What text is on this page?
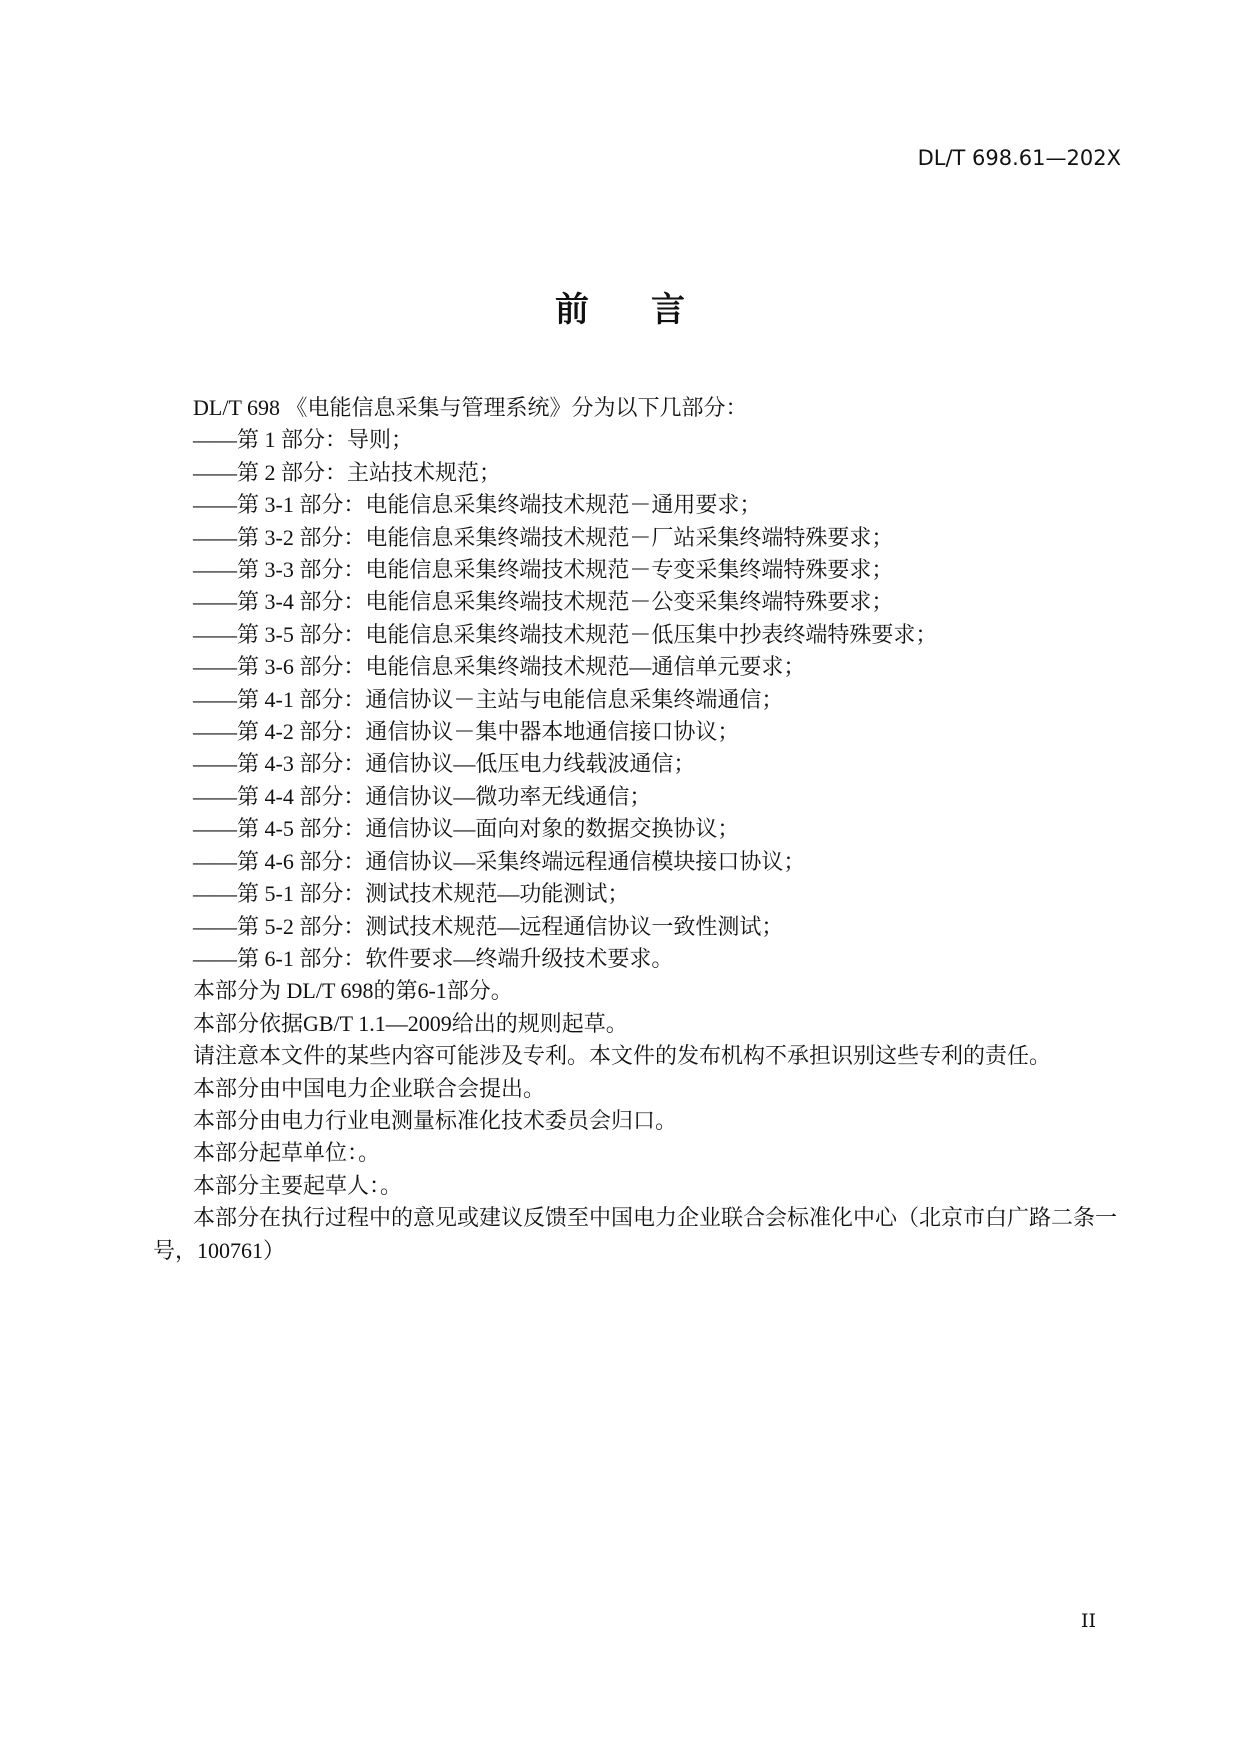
DL/T 698.61—202X
前言
DL/T 698 《电能信息采集与管理系统》分为以下几部分：
——第 1 部分：导则；
——第 2 部分：主站技术规范；
——第 3-1 部分：电能信息采集终端技术规范－通用要求；
——第 3-2 部分：电能信息采集终端技术规范－厂站采集终端特殊要求；
——第 3-3 部分：电能信息采集终端技术规范－专变采集终端特殊要求；
——第 3-4 部分：电能信息采集终端技术规范－公变采集终端特殊要求；
——第 3-5 部分：电能信息采集终端技术规范－低压集中抄表终端特殊要求；
——第 3-6 部分：电能信息采集终端技术规范—通信单元要求；
——第 4-1 部分：通信协议－主站与电能信息采集终端通信；
——第 4-2 部分：通信协议－集中器本地通信接口协议；
——第 4-3 部分：通信协议—低压电力线载波通信；
——第 4-4 部分：通信协议—微功率无线通信；
——第 4-5 部分：通信协议—面向对象的数据交换协议；
——第 4-6 部分：通信协议—采集终端远程通信模块接口协议；
——第 5-1 部分：测试技术规范—功能测试；
——第 5-2 部分：测试技术规范—远程通信协议一致性测试；
——第 6-1 部分：软件要求—终端升级技术要求。
本部分为 DL/T 698的第6-1部分。
本部分依据GB/T 1.1—2009给出的规则起草。
请注意本文件的某些内容可能涉及专利。本文件的发布机构不承担识别这些专利的责任。
本部分由中国电力企业联合会提出。
本部分由电力行业电测量标准化技术委员会归口。
本部分起草单位：。
本部分主要起草人：。
本部分在执行过程中的意见或建议反馈至中国电力企业联合会标准化中心（北京市白广路二条一
号，100761）
II
